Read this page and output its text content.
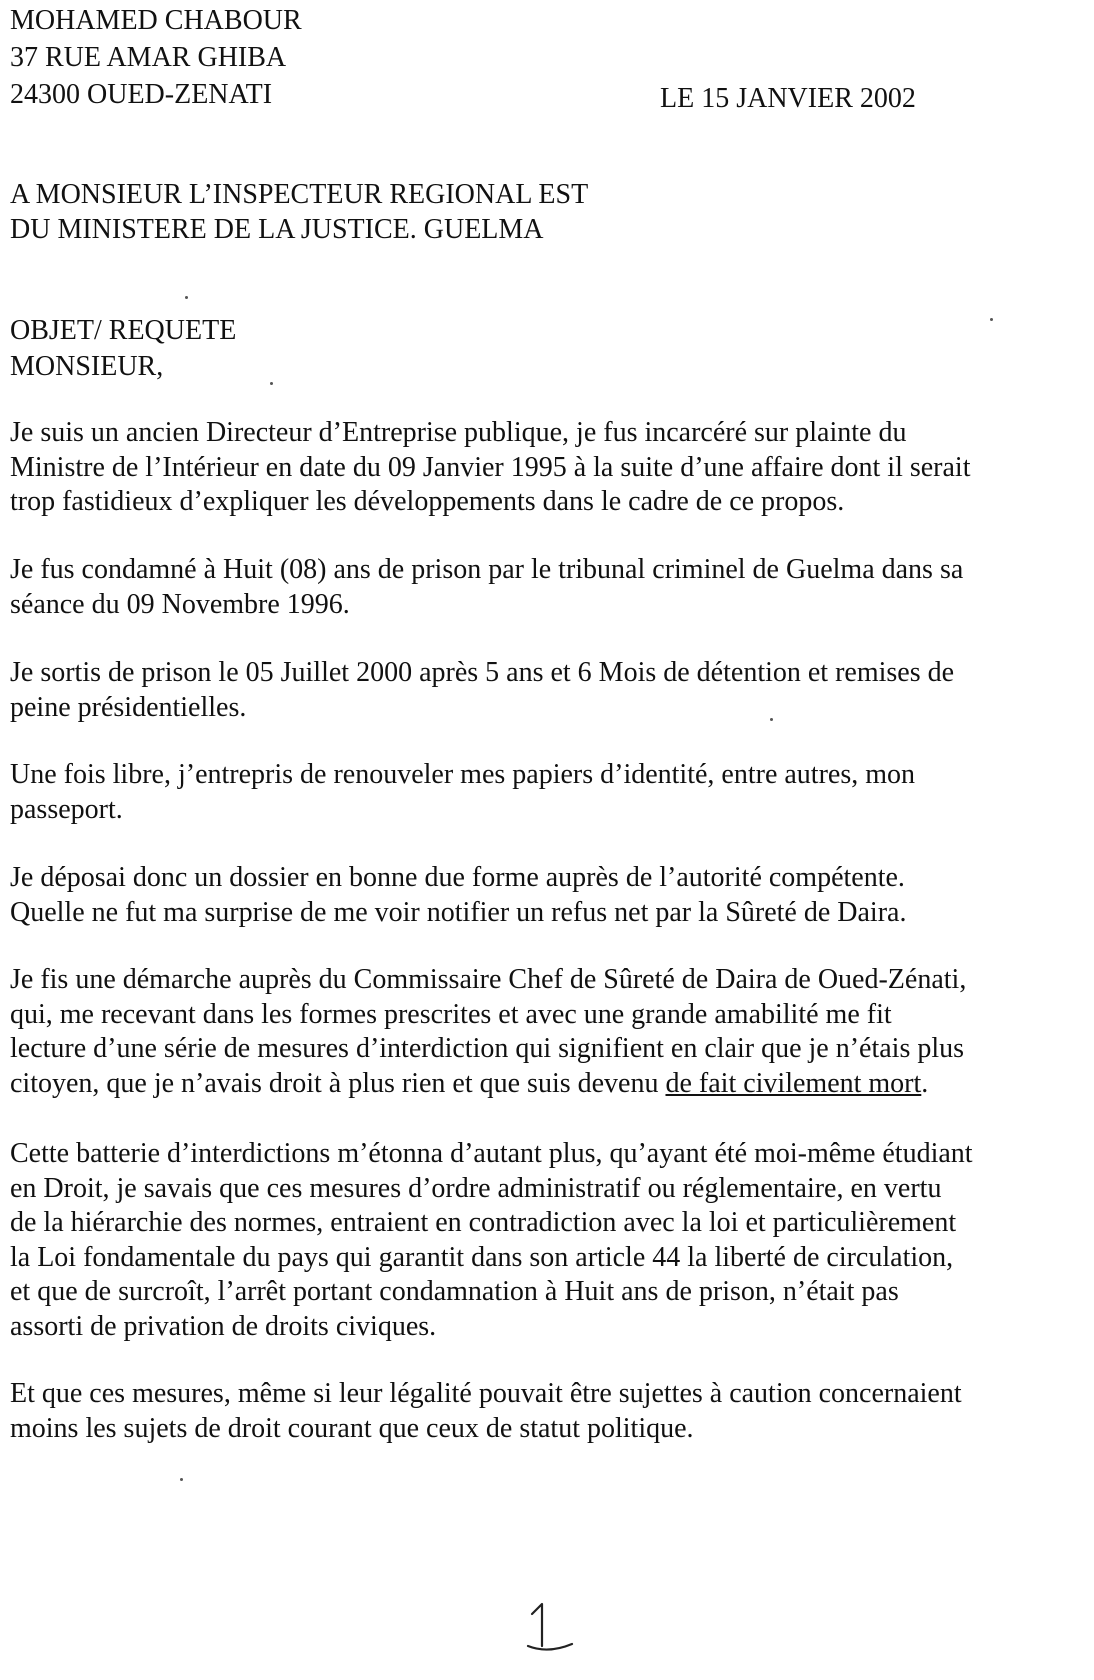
MOHAMED CHABOUR
37 RUE AMAR GHIBA
24300 OUED-ZENATI	LE 15 JANVIER 2002
A MONSIEUR L’INSPECTEUR REGIONAL EST
DU MINISTERE DE LA JUSTICE. GUELMA
OBJET/ REQUETE
MONSIEUR,

Je suis un ancien Directeur d’Entreprise publique, je fus incarcéré sur plainte du

Ministre de l’Intérieur en date du 09 Janvier 1995 à la suite d’une affaire dont il serait

trop fastidieux d’expliquer les développements dans le cadre de ce propos.

Je fus condamné à Huit (08) ans de prison par le tribunal criminel de Guelma dans sa

séance du 09 Novembre 1996.

Je sortis de prison le 05 Juillet 2000 après 5 ans et 6 Mois de détention et remises de

peine présidentielles.

Une fois libre, j’entrepris de renouveler mes papiers d’identité, entre autres, mon

passeport.

Je déposai donc un dossier en bonne due forme auprès de l’autorité compétente.

Quelle ne fut ma surprise de me voir notifier un refus net par la Sûreté de Daira.

Je fis une démarche auprès du Commissaire Chef de Sûreté de Daira de Oued-Zénati,

qui, me recevant dans les formes prescrites et avec une grande amabilité me fit

lecture d’une série de mesures d’interdiction qui signifient en clair que je n’étais plus

citoyen, que je n’avais droit à plus rien et que suis devenu de fait civilement mort.

Cette batterie d’interdictions m’étonna d’autant plus, qu’ayant été moi-même étudiant

en Droit, je savais que ces mesures d’ordre administratif ou réglementaire, en vertu

de la hiérarchie des normes, entraient en contradiction avec la loi et particulièrement

la Loi fondamentale du pays qui garantit dans son article 44 la liberté de circulation,

et que de surcroît, l’arrêt portant condamnation à Huit ans de prison, n’était pas

assorti de privation de droits civiques.

Et que ces mesures, même si leur légalité pouvait être sujettes à caution concernaient

moins les sujets de droit courant que ceux de statut politique.
